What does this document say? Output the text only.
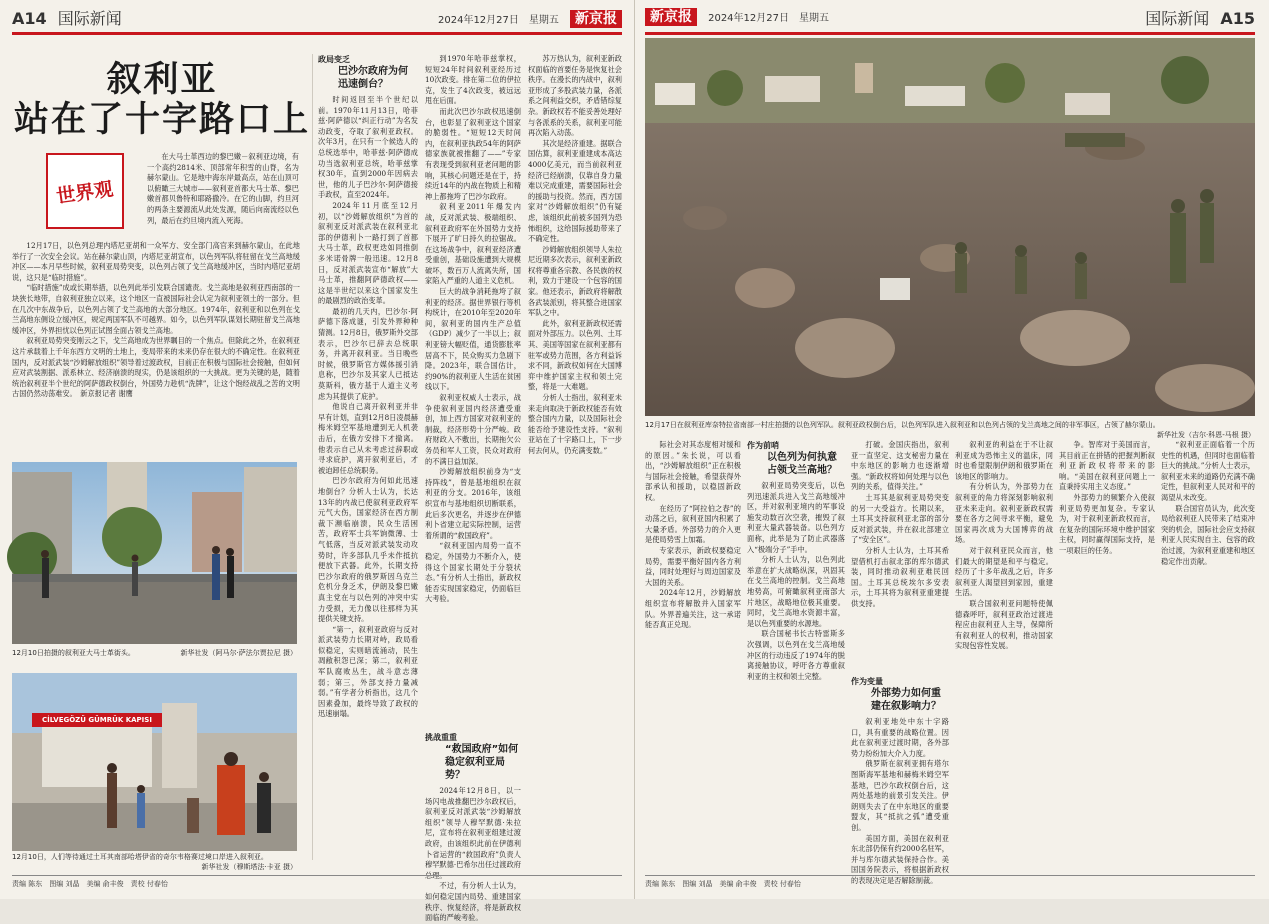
A14 国际新闻	2024年12月27日　星期五 新京报
叙利亚
站在了十字路口上
世界观

在大马士革西边的黎巴嫩－叙利亚边境，有一个高约2814米、顶部常年积雪的山脊，名为赫尔蒙山。它是地中海东岸最高点，站在山顶可以俯瞰三大城市——叙利亚首都大马士革、黎巴嫩首都贝鲁特和耶路撒冷。在它的山脚，约旦河的两条主要源流从此处发源，随后向南流经以色列，最后在约旦境内流入死海。

12月17日，以色列总理内塔尼亚胡和一众军方、安全部门高官来到赫尔蒙山，在此地举行了一次安全会议。站在赫尔蒙山顶，内塔尼亚胡宣布，以色列军队将驻留在戈兰高地缓冲区——本月早些时候，叙利亚局势突变，以色列占领了戈兰高地缓冲区，当时内塔尼亚胡说，这只是“临时措施”。

“临时措施”成或长期举措，以色列此举引发联合国谴责。戈兰高地是叙利亚西南部的一块狭长地带，自叙利亚独立以来，这个地区一直被国际社会认定为叙利亚领土的一部分。但在几次中东战争后，以色列占领了戈兰高地的大部分地区。1974年，叙利亚和以色列在戈兰高地东侧设立缓冲区，规定两国军队不可越界。如今，以色列军队谋划长期驻留戈兰高地缓冲区，外界担忧以色列正试图全面占领戈兰高地。

叙利亚局势突变刚云之下，戈兰高地成为世界瞩目的一个焦点。但除此之外，在叙利亚这片承载着上千年东西方文明的土地上，变局带来的未来仍存在很大的不确定性。在叙利亚国内，反对派武装“沙姆解放组织”领导着过渡政权，目前正在积极与国际社会接触，但如何应对武装割据、派系林立、经济崩溃的现实，仍是该组织的一大挑战。更为关键的是，随着统治叙利亚半个世纪的阿萨德政权倒台，外国势力趁机“洗牌”，让这个饱经战乱之苦的文明古国仍然动荡难安。　新京报记者 谢鹰

12月10日拍摄的叙利亚大马士革街头。	新华社发（阿马尔·萨法尔贾拉尼 摄）
CİLVEGÖZÜ GÜMRÜK KAPISI
12月10日，人们等待通过土耳其南部哈塔伊省的奇尔韦格赛过境口岸进入叙利亚。
新华社发（穆斯塔法·卡亚 摄）
政局变乏
巴沙尔政府为何
迅速倒台？

时间返回至半个世纪以前。1970年11月13日，哈菲兹·阿萨德以“纠正行动”为名发动政变，夺取了叙利亚政权。次年3月，在只有一个候选人的总统选举中，哈菲兹·阿萨德成功当选叙利亚总统，哈菲兹掌权30年，直到2000年因病去世，他的儿子巴沙尔·阿萨德接手政权，直至2024年。

2024年11月底至12月初，以“沙姆解放组织”为首的叙利亚反对派武装在叙利亚北部的伊德利卜一路打到了首都大马士革，政权更迭如同推倒多米诺骨牌一般迅速。12月8日，反对派武装宣布“解放”大马士革，推翻阿萨德政权——这是半世纪以来这个国家发生的最剧烈的政治变革。

最初的几天内，巴沙尔·阿萨德下落成谜，引发外界种种猜测。12月8日，俄罗斯外交部表示，巴沙尔已辞去总统职务，并离开叙利亚。当日晚些时候，俄罗斯官方媒体援引消息称，巴沙尔及其家人已抵达莫斯科，俄方基于人道主义考虑为其提供了庇护。

他说自己离开叙利亚并非早有计划，直到12月8日凌晨赫梅米姆空军基地遭到无人机袭击后，在俄方安排下才撤离。他表示自己从未考虑过辞职或寻求庇护，离开叙利亚后，才被迫卸任总统职务。

巴沙尔政府为何如此迅速地倒台？分析人士认为，长达13年的内战已使叙利亚政府军元气大伤，国家经济在西方制裁下濒临崩溃，民众生活困苦，政府军士兵军饷微薄、士气低落，当反对派武装发动攻势时，许多部队几乎未作抵抗便放下武器。此外，长期支持巴沙尔政府的俄罗斯因乌克兰危机分身乏术，伊朗及黎巴嫩真主党在与以色列的冲突中实力受损，无力像以往那样为其提供关键支持。

“第一，叙利亚政府与反对派武装势力长期对峙，政局看似稳定，实则暗流涌动，民生凋敝积怨已深；第二，叙利亚军队腐败丛生，战斗意志薄弱；第三，外部支持力量减弱。”有学者分析指出，这几个因素叠加，最终导致了政权的迅速崩塌。

到1970年哈菲兹掌权，短短24年时间叙利亚经历过10次政变。排在第二位的伊拉克，发生了4次政变，被远远甩在后面。

而此次巴沙尔政权迅速倒台，也彰显了叙利亚这个国家的脆弱性。“短短12天时间内，在叙利亚执政54年的阿萨德家族就被推翻了——”专家有表现受到叙利亚老问题的影响，其核心问题还是在于，持续近14年的内战在物质上和精神上都拖垮了巴沙尔政府。

叙利亚2011年爆发内战，反对派武装、极端组织、叙利亚政府军在外国势力支持下展开了旷日持久的拉锯战。在这场战争中，叙利亚经济遭受重创，基础设施遭到大规模破坏，数百万人流离失所，国家陷入严重的人道主义危机。

巨大的战争消耗拖垮了叙利亚的经济。据世界银行等机构统计，在2010年至2020年间，叙利亚的国内生产总值（GDP）减少了一半以上；叙利亚镑大幅贬值，通货膨胀率居高不下，民众购买力急剧下降。2023年，联合国估计，约90%的叙利亚人生活在贫困线以下。

叙利亚权威人士表示，战争使叙利亚国内经济遭受重创，加上西方国家对叙利亚的制裁，经济形势十分严峻。政府财政入不敷出，长期拖欠公务员和军人工资，民众对政府的不满日益加深。

沙姆解放组织前身为“支持阵线”，曾是基地组织在叙利亚的分支。2016年，该组织宣布与基地组织切断联系，此后多次更名，并逐步在伊德利卜省建立起实际控制，运营着所谓的“救国政府”。

“叙利亚国内局势一直不稳定，外国势力不断介入，使得这个国家长期处于分裂状态。”有分析人士指出，新政权能否实现国家稳定，仍面临巨大考验。

挑战重重
“救国政府”如何
稳定叙利亚局势？

2024年12月8日，以一场闪电战推翻巴沙尔政权后，叙利亚反对派武装“沙姆解放组织”领导人穆罕默德·朱拉尼，宣布将在叙利亚组建过渡政府，由该组织此前在伊德利卜省运营的“救国政府”负责人穆罕默德·巴希尔出任过渡政府总理。

不过，有分析人士认为，如何稳定国内局势、重建国家秩序、恢复经济，将是新政权面临的严峻考验。

苏万热认为，叙利亚新政权面临的首要任务是恢复社会秩序。在漫长的内战中，叙利亚形成了多股武装力量，各派系之间利益交织，矛盾错综复杂。新政权若不能妥善处理好与各派系的关系，叙利亚可能再次陷入动荡。

其次是经济重建。据联合国估算，叙利亚重建成本高达4000亿美元，而当前叙利亚经济已经崩溃，仅靠自身力量难以完成重建，需要国际社会的援助与投资。然而，西方国家对“沙姆解放组织”仍有疑虑，该组织此前被多国列为恐怖组织，这给国际援助带来了不确定性。

沙姆解放组织领导人朱拉尼近期多次表示，叙利亚新政权将尊重各宗教、各民族的权利，致力于建设一个包容的国家。他还表示，新政府将解散各武装派别，将其整合进国家军队之中。

此外，叙利亚新政权还需面对外部压力。以色列、土耳其、美国等国家在叙利亚都有驻军或势力范围，各方利益诉求不同，新政权如何在大国博弈中维护国家主权和领土完整，将是一大难题。

分析人士指出，叙利亚未来走向取决于新政权能否有效整合国内力量，以及国际社会能否给予建设性支持。“叙利亚站在了十字路口上，下一步何去何从，仍充满变数。”

责编 陈东　图编 刘晶　美编 俞丰俊　责校 付春怡
新京报 2024年12月27日　星期五	国际新闻 A15
12月17日在叙利亚库奈特拉省南部一村庄拍摄的以色列军队。叙利亚政权倒台后，以色列军队进入叙利亚和以色列占领的戈兰高地之间的非军事区，占领了赫尔蒙山。
新华社发（吉尔·科恩-马根 摄）

际社会对其态度相对缓和的原因。”朱长说，可以看出，“沙姆解放组织”正在积极与国际社会接触，希望获得外部承认和援助，以稳固新政权。

在经历了“阿拉伯之春”的动荡之后，叙利亚国内积累了大量矛盾。外部势力的介入更是使局势雪上加霜。

专家表示，新政权要稳定局势，需要平衡好国内各方利益，同时处理好与周边国家及大国的关系。

2024年12月，沙姆解放组织宣布将解散并入国家军队。外界普遍关注，这一承诺能否真正兑现。

作为前哨
以色列为何执意
占领戈兰高地？

叙利亚局势突变后，以色列迅速派兵进入戈兰高地缓冲区，并对叙利亚境内的军事设施发动数百次空袭，摧毁了叙利亚大量武器装备。以色列方面称，此举是为了防止武器落入“极端分子”手中。

分析人士认为，以色列此举意在扩大战略纵深，巩固其在戈兰高地的控制。戈兰高地地势高，可俯瞰叙利亚南部大片地区，战略地位极其重要。同时，戈兰高地水资源丰富，是以色列重要的水源地。

联合国秘书长古特雷斯多次强调，以色列在戈兰高地缓冲区的行动违反了1974年的脱离接触协议，呼吁各方尊重叙利亚的主权和领土完整。

打破。金国庆指出，叙利亚一直坚定、这支秘密力量在中东地区的影响力也逐渐增强。“新政权将如何处理与以色列的关系，值得关注。”

土耳其是叙利亚局势突变的另一大受益方。长期以来，土耳其支持叙利亚北部的部分反对派武装，并在叙北部建立了“安全区”。

分析人士认为，土耳其希望借机打击叙北部的库尔德武装，同时推动叙利亚难民回国。土耳其总统埃尔多安表示，土耳其将为叙利亚重建提供支持。

作为变量
外部势力如何重
建在叙影响力？

叙利亚地处中东十字路口，具有重要的战略位置。因此在叙利亚过渡时期，各外部势力纷纷加大介入力度。

俄罗斯在叙利亚拥有塔尔图斯海军基地和赫梅米姆空军基地，巴沙尔政权倒台后，这两处基地的前景引发关注。伊朗则失去了在中东地区的重要盟友，其“抵抗之弧”遭受重创。

美国方面，美国在叙利亚东北部仍保有约2000名驻军，并与库尔德武装保持合作。美国国务院表示，将根据新政权的表现决定是否解除制裁。

叙利亚的利益在于不让叙利亚成为恐怖主义的温床，同时也希望限制伊朗和俄罗斯在该地区的影响力。

有分析认为，外部势力在叙利亚的角力将深刻影响叙利亚未来走向。叙利亚新政权需要在各方之间寻求平衡，避免国家再次成为大国博弈的战场。

对于叙利亚民众而言，他们最大的期望是和平与稳定。经历了十多年战乱之后，许多叙利亚人渴望回到家园，重建生活。

联合国叙利亚问题特使佩德森呼吁，叙利亚政治过渡进程应由叙利亚人主导，保障所有叙利亚人的权利，推动国家实现包容性发展。

争。智库对于美国而言，其目前正在拼错的把握判断叙利亚新政权将带来的影响。“美国在叙利亚问题上一直秉持实用主义态度。”

外部势力的频繁介入使叙利亚局势更加复杂。专家认为，对于叙利亚新政权而言，在复杂的国际环境中维护国家主权，同时赢得国际支持，是一项艰巨的任务。

“叙利亚正面临着一个历史性的机遇，但同时也面临着巨大的挑战。”分析人士表示，叙利亚未来的道路仍充满不确定性，但叙利亚人民对和平的渴望从未改变。

联合国官员认为，此次变局给叙利亚人民带来了结束冲突的机会，国际社会应支持叙利亚人民实现自主、包容的政治过渡，为叙利亚重建和地区稳定作出贡献。

责编 陈东　图编 刘晶　美编 俞丰俊　责校 付春怡
